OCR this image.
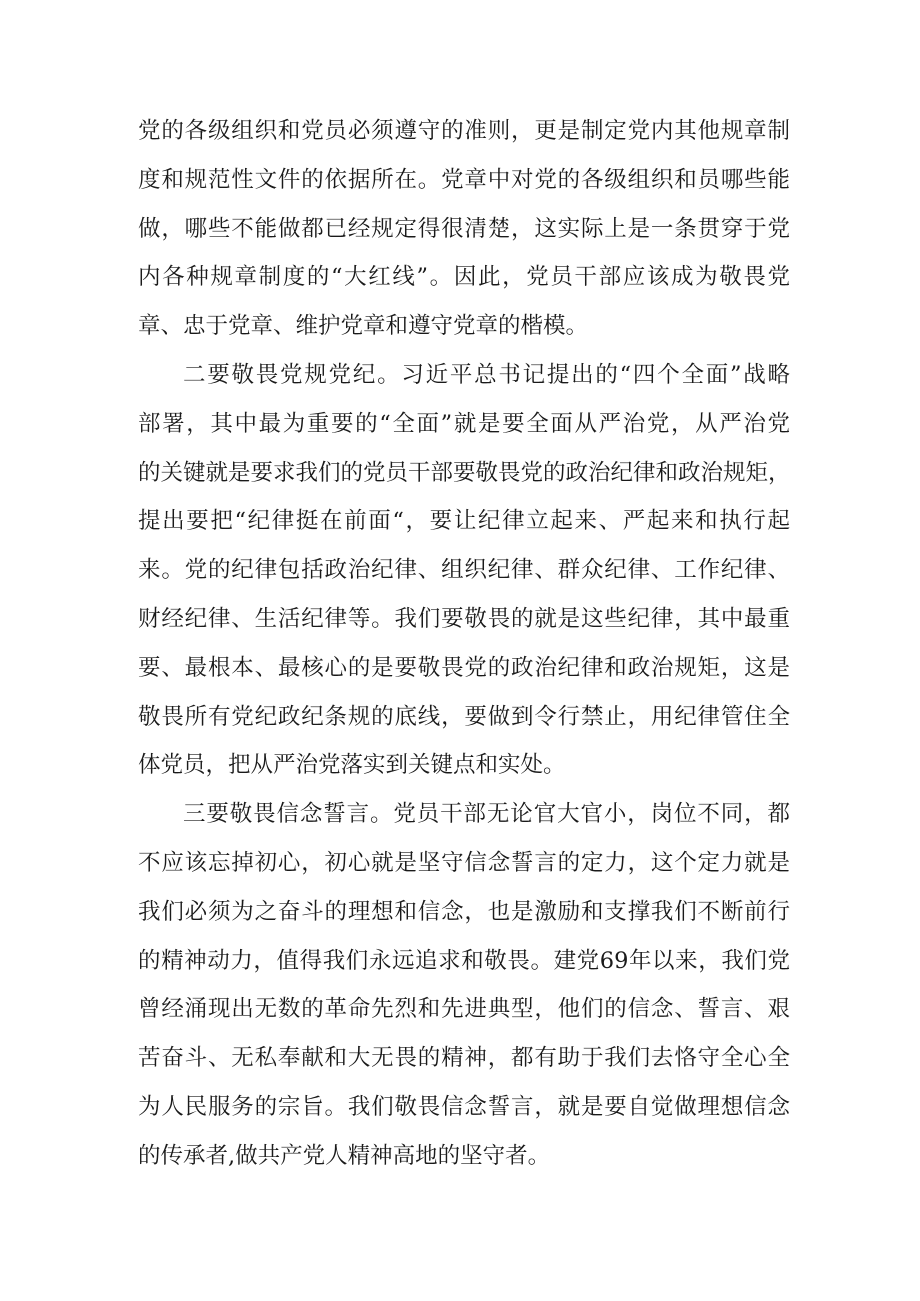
党的各级组织和党员必须遵守的准则，更是制定党内其他规章制
度和规范性文件的依据所在。党章中对党的各级组织和员哪些能
做，哪些不能做都已经规定得很清楚，这实际上是一条贯穿于党
内各种规章制度的“大红线”。因此，党员干部应该成为敬畏党
章、忠于党章、维护党章和遵守党章的楷模。
二要敬畏党规党纪。习近平总书记提出的“四个全面”战略
部署，其中最为重要的“全面”就是要全面从严治党，从严治党
的关键就是要求我们的党员干部要敬畏党的政治纪律和政治规矩，
提出要把“纪律挺在前面“，要让纪律立起来、严起来和执行起
来。党的纪律包括政治纪律、组织纪律、群众纪律、工作纪律、
财经纪律、生活纪律等。我们要敬畏的就是这些纪律，其中最重
要、最根本、最核心的是要敬畏党的政治纪律和政治规矩，这是
敬畏所有党纪政纪条规的底线，要做到令行禁止，用纪律管住全
体党员，把从严治党落实到关键点和实处。
三要敬畏信念誓言。党员干部无论官大官小，岗位不同，都
不应该忘掉初心，初心就是坚守信念誓言的定力，这个定力就是
我们必须为之奋斗的理想和信念，也是激励和支撑我们不断前行
的精神动力，值得我们永远追求和敬畏。建党69年以来，我们党
曾经涌现出无数的革命先烈和先进典型，他们的信念、誓言、艰
苦奋斗、无私奉献和大无畏的精神，都有助于我们去恪守全心全
为人民服务的宗旨。我们敬畏信念誓言，就是要自觉做理想信念
的传承者,做共产党人精神高地的坚守者。
